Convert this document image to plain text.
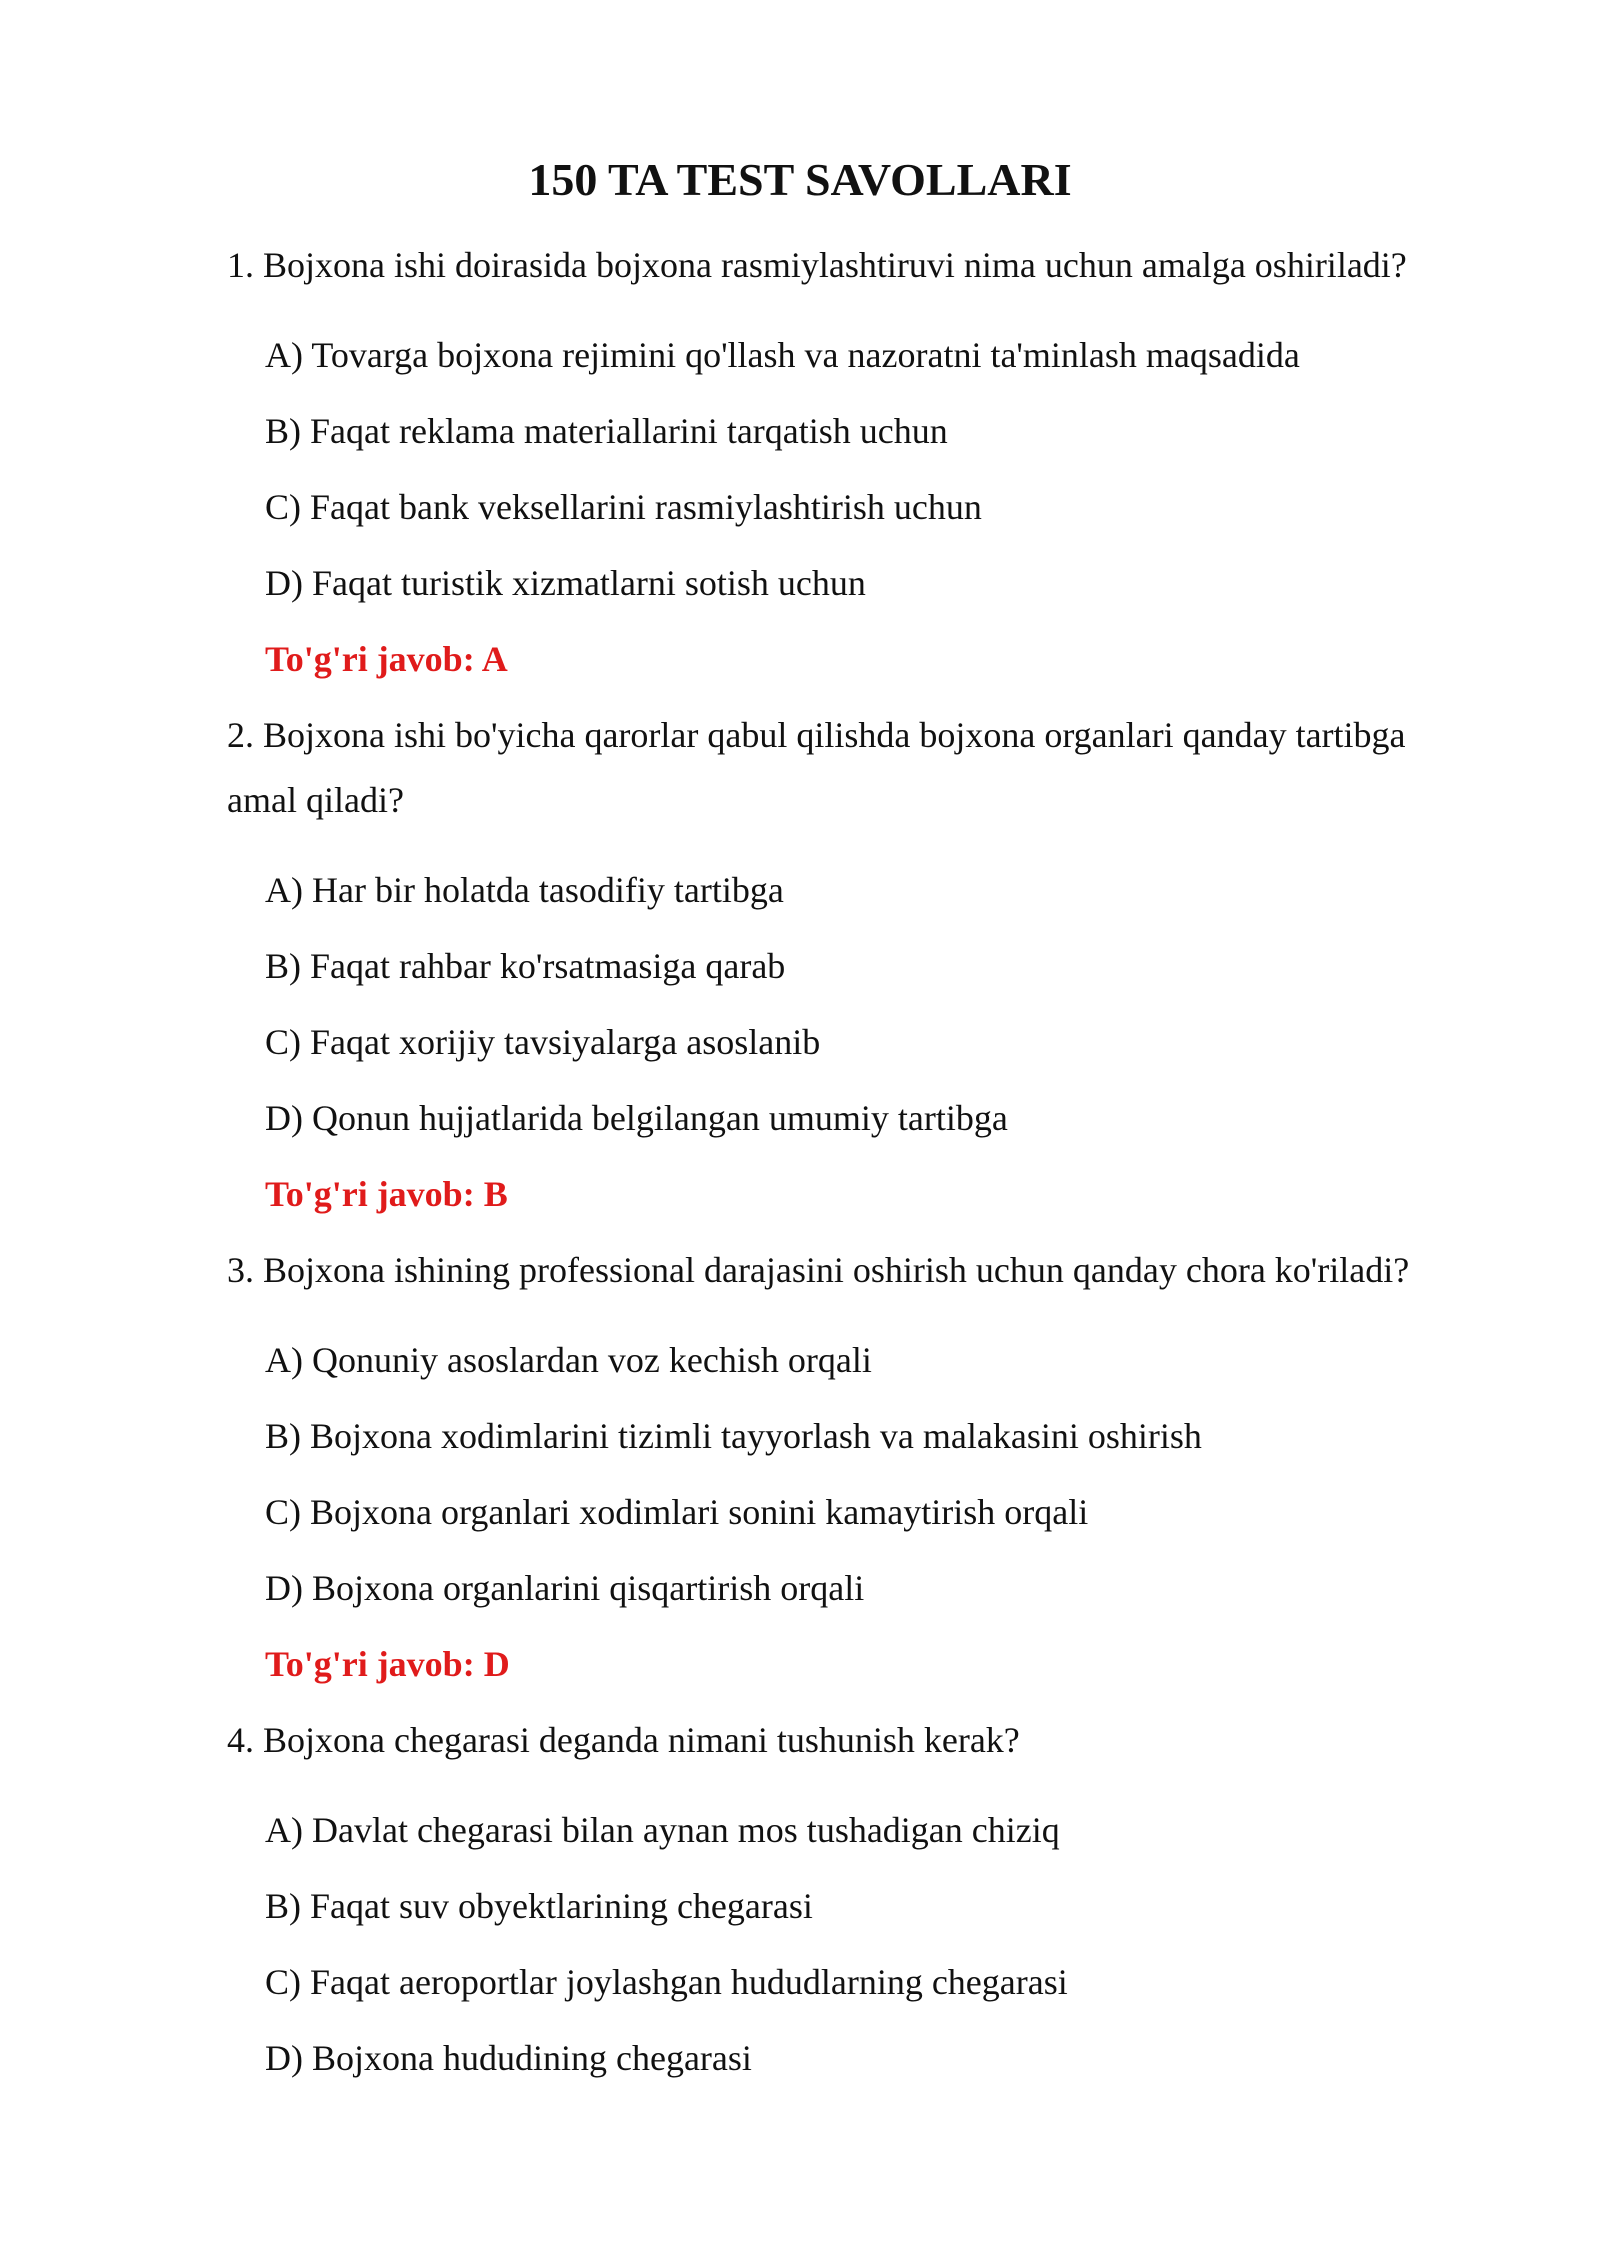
150 TA TEST SAVOLLARI
1. Bojxona ishi doirasida bojxona rasmiylashtiruvi nima uchun amalga oshiriladi?
A) Tovarga bojxona rejimini qo'llash va nazoratni ta'minlash maqsadida
B) Faqat reklama materiallarini tarqatish uchun
C) Faqat bank veksellarini rasmiylashtirish uchun
D) Faqat turistik xizmatlarni sotish uchun
To'g'ri javob: A
2. Bojxona ishi bo'yicha qarorlar qabul qilishda bojxona organlari qanday tartibga
amal qiladi?
A) Har bir holatda tasodifiy tartibga
B) Faqat rahbar ko'rsatmasiga qarab
C) Faqat xorijiy tavsiyalarga asoslanib
D) Qonun hujjatlarida belgilangan umumiy tartibga
To'g'ri javob: B
3. Bojxona ishining professional darajasini oshirish uchun qanday chora ko'riladi?
A) Qonuniy asoslardan voz kechish orqali
B) Bojxona xodimlarini tizimli tayyorlash va malakasini oshirish
C) Bojxona organlari xodimlari sonini kamaytirish orqali
D) Bojxona organlarini qisqartirish orqali
To'g'ri javob: D
4. Bojxona chegarasi deganda nimani tushunish kerak?
A) Davlat chegarasi bilan aynan mos tushadigan chiziq
B) Faqat suv obyektlarining chegarasi
C) Faqat aeroportlar joylashgan hududlarning chegarasi
D) Bojxona hududining chegarasi
